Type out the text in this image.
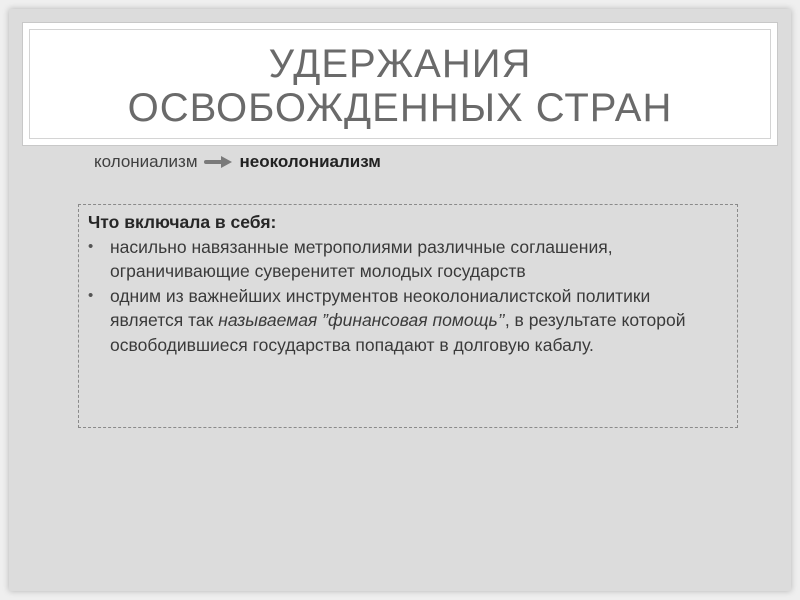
УДЕРЖАНИЯ ОСВОБОЖДЕННЫХ СТРАН
колониализм неоколониализм
Что включала в себя:
• насильно навязанные метрополиями различные соглашения, ограничивающие суверенитет молодых государств
• одним из важнейших инструментов неоколониалистской политики является так называемая ”финансовая помощь’’, в результате которой освободившиеся государства попадают в долговую кабалу.
